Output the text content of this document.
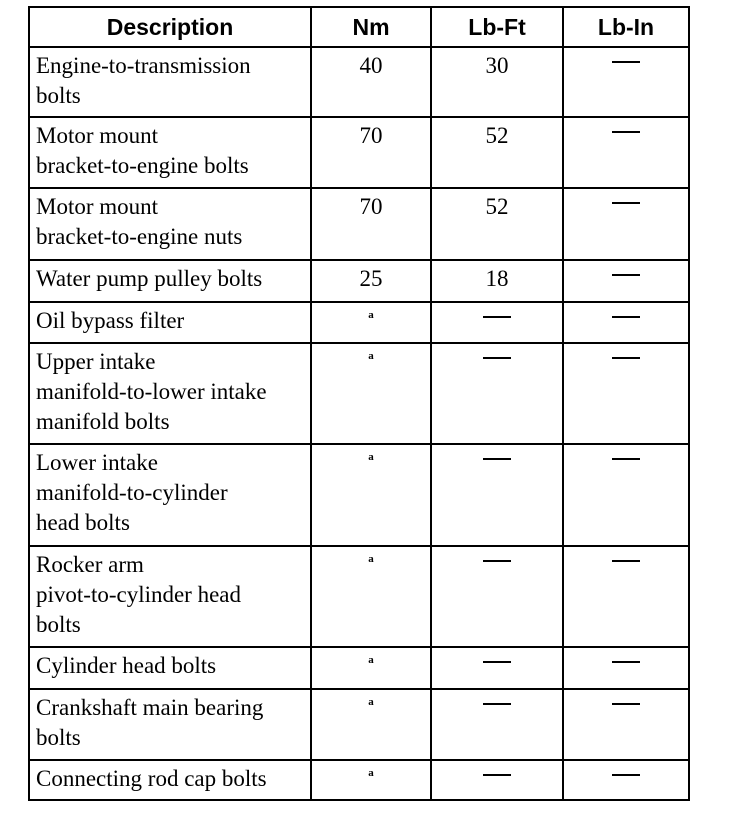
Description	Nm	Lb-Ft	Lb-In
Engine-to-transmission
bolts	40	30	
Motor mount
bracket-to-engine bolts	70	52	
Motor mount
bracket-to-engine nuts	70	52	
Water pump pulley bolts	25	18	
Oil bypass filter	$^a$		
Upper intake
manifold-to-lower intake
manifold bolts	$^a$		
Lower intake
manifold-to-cylinder
head bolts	$^a$		
Rocker arm
pivot-to-cylinder head
bolts	$^a$		
Cylinder head bolts	$^a$		
Crankshaft main bearing
bolts	$^a$		
Connecting rod cap bolts	$^a$		
